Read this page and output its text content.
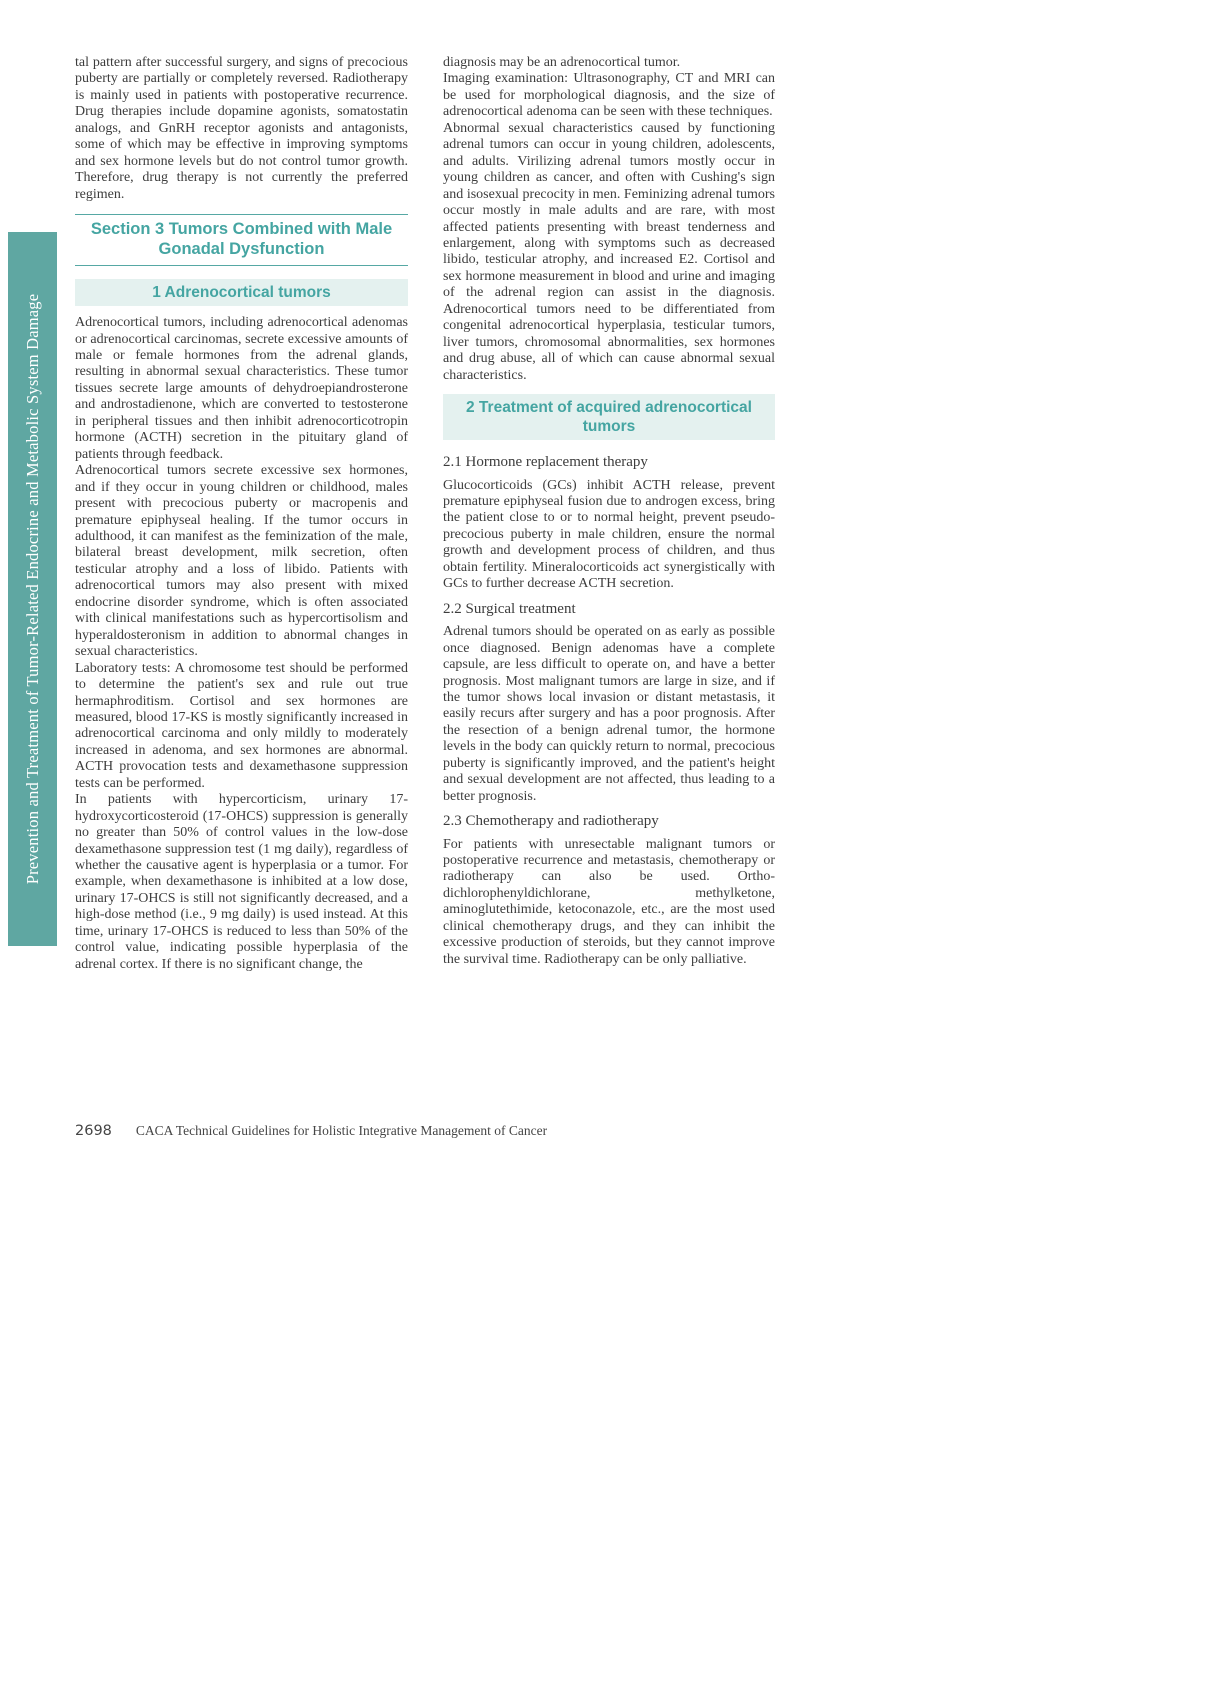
Prevention and Treatment of Tumor-Related Endocrine and Metabolic System Damage

tal pattern after successful surgery, and signs of precocious puberty are partially or completely reversed. Radiotherapy is mainly used in patients with postoperative recurrence. Drug therapies include dopamine agonists, somatostatin analogs, and GnRH receptor agonists and antagonists, some of which may be effective in improving symptoms and sex hormone levels but do not control tumor growth. Therefore, drug therapy is not currently the preferred regimen.

Section 3 Tumors Combined with Male Gonadal Dysfunction
1 Adrenocortical tumors

Adrenocortical tumors, including adrenocortical adenomas or adrenocortical carcinomas, secrete excessive amounts of male or female hormones from the adrenal glands, resulting in abnormal sexual characteristics. These tumor tissues secrete large amounts of dehydroepiandrosterone and androstadienone, which are converted to testosterone in peripheral tissues and then inhibit adrenocorticotropin hormone (ACTH) secretion in the pituitary gland of patients through feedback.

Adrenocortical tumors secrete excessive sex hormones, and if they occur in young children or childhood, males present with precocious puberty or macropenis and premature epiphyseal healing. If the tumor occurs in adulthood, it can manifest as the feminization of the male, bilateral breast development, milk secretion, often testicular atrophy and a loss of libido. Patients with adrenocortical tumors may also present with mixed endocrine disorder syndrome, which is often associated with clinical manifestations such as hypercortisolism and hyperaldosteronism in addition to abnormal changes in sexual characteristics.

Laboratory tests: A chromosome test should be performed to determine the patient's sex and rule out true hermaphroditism. Cortisol and sex hormones are measured, blood 17-KS is mostly significantly increased in adrenocortical carcinoma and only mildly to moderately increased in adenoma, and sex hormones are abnormal. ACTH provocation tests and dexamethasone suppression tests can be performed.

In patients with hypercorticism, urinary 17-hydroxycorticosteroid (17-OHCS) suppression is generally no greater than 50% of control values in the low-dose dexamethasone suppression test (1 mg daily), regardless of whether the causative agent is hyperplasia or a tumor. For example, when dexamethasone is inhibited at a low dose, urinary 17-OHCS is still not significantly decreased, and a high-dose method (i.e., 9 mg daily) is used instead. At this time, urinary 17-OHCS is reduced to less than 50% of the control value, indicating possible hyperplasia of the adrenal cortex. If there is no significant change, the

diagnosis may be an adrenocortical tumor.

Imaging examination: Ultrasonography, CT and MRI can be used for morphological diagnosis, and the size of adrenocortical adenoma can be seen with these techniques.

Abnormal sexual characteristics caused by functioning adrenal tumors can occur in young children, adolescents, and adults. Virilizing adrenal tumors mostly occur in young children as cancer, and often with Cushing's sign and isosexual precocity in men. Feminizing adrenal tumors occur mostly in male adults and are rare, with most affected patients presenting with breast tenderness and enlargement, along with symptoms such as decreased libido, testicular atrophy, and increased E2. Cortisol and sex hormone measurement in blood and urine and imaging of the adrenal region can assist in the diagnosis. Adrenocortical tumors need to be differentiated from congenital adrenocortical hyperplasia, testicular tumors, liver tumors, chromosomal abnormalities, sex hormones and drug abuse, all of which can cause abnormal sexual characteristics.

2 Treatment of acquired adrenocortical tumors
2.1 Hormone replacement therapy

Glucocorticoids (GCs) inhibit ACTH release, prevent premature epiphyseal fusion due to androgen excess, bring the patient close to or to normal height, prevent pseudo-precocious puberty in male children, ensure the normal growth and development process of children, and thus obtain fertility. Mineralocorticoids act synergistically with GCs to further decrease ACTH secretion.

2.2 Surgical treatment

Adrenal tumors should be operated on as early as possible once diagnosed. Benign adenomas have a complete capsule, are less difficult to operate on, and have a better prognosis. Most malignant tumors are large in size, and if the tumor shows local invasion or distant metastasis, it easily recurs after surgery and has a poor prognosis. After the resection of a benign adrenal tumor, the hormone levels in the body can quickly return to normal, precocious puberty is significantly improved, and the patient's height and sexual development are not affected, thus leading to a better prognosis.

2.3 Chemotherapy and radiotherapy

For patients with unresectable malignant tumors or postoperative recurrence and metastasis, chemotherapy or radiotherapy can also be used. Ortho-dichlorophenyldichlorane, methylketone, aminoglutethimide, ketoconazole, etc., are the most used clinical chemotherapy drugs, and they can inhibit the excessive production of steroids, but they cannot improve the survival time. Radiotherapy can be only palliative.

2698 CACA Technical Guidelines for Holistic Integrative Management of Cancer
